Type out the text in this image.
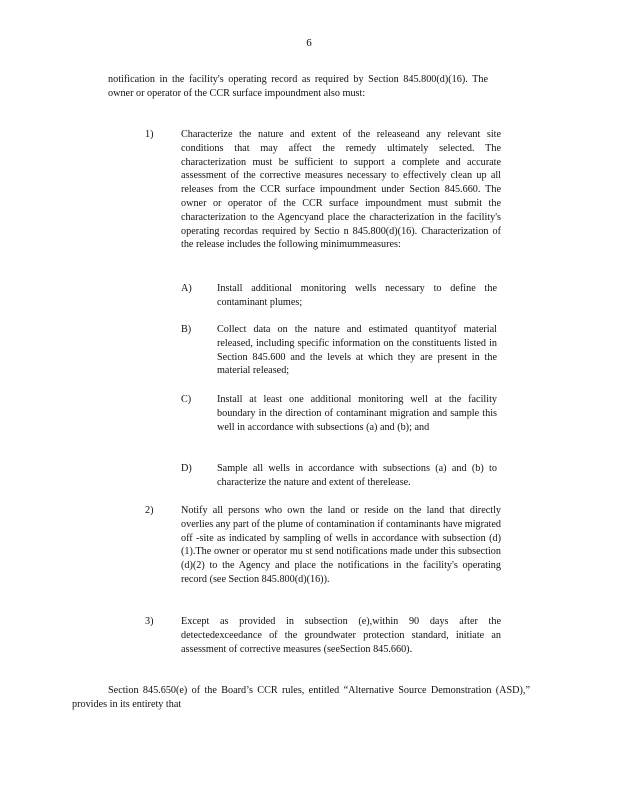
6
notification in the facility's operating record as required by Section 845.800(d)(16). The owner or operator of the CCR surface impoundment also must:
1)	Characterize the nature and extent of the releaseand any relevant site conditions that may affect the remedy ultimately selected. The characterization must be sufficient to support a complete and accurate assessment of the corrective measures necessary to effectively clean up all releases from the CCR surface impoundment under Section 845.660. The owner or operator of the CCR surface impoundment must submit the characterization to the Agencyand place the characterization in the facility's operating recordas required by Sectio n 845.800(d)(16). Characterization of the release includes the following minimummeasures:
A) Install additional monitoring wells necessary to define the contaminant plumes;
B)	Collect data on the nature and estimated quantityof material released, including specific information on the constituents listed in Section 845.600 and the levels at which they are present in the material released;
C)	Install at least one additional monitoring well at the facility boundary in the direction of contaminant migration and sample this well in accordance with subsections (a) and (b); and
D) Sample all wells in accordance with subsections (a) and (b) to characterize the nature and extent of therelease.
2)	Notify all persons who own the land or reside on the land that directly overlies any part of the plume of contamination if contaminants have migrated off -site as indicated by sampling of wells in accordance with subsection (d)(1).The owner or operator mu st send notifications made under this subsection (d)(2) to the Agency and place the notifications in the facility's operating record (see Section 845.800(d)(16)).
3)	Except as provided in subsection (e),within 90 days after the detectedexceedance of the groundwater protection standard, initiate an assessment of corrective measures (seeSection 845.660).
Section 845.650(e) of the Board’s CCR rules, entitled “Alternative Source Demonstration (ASD),” provides in its entirety that
